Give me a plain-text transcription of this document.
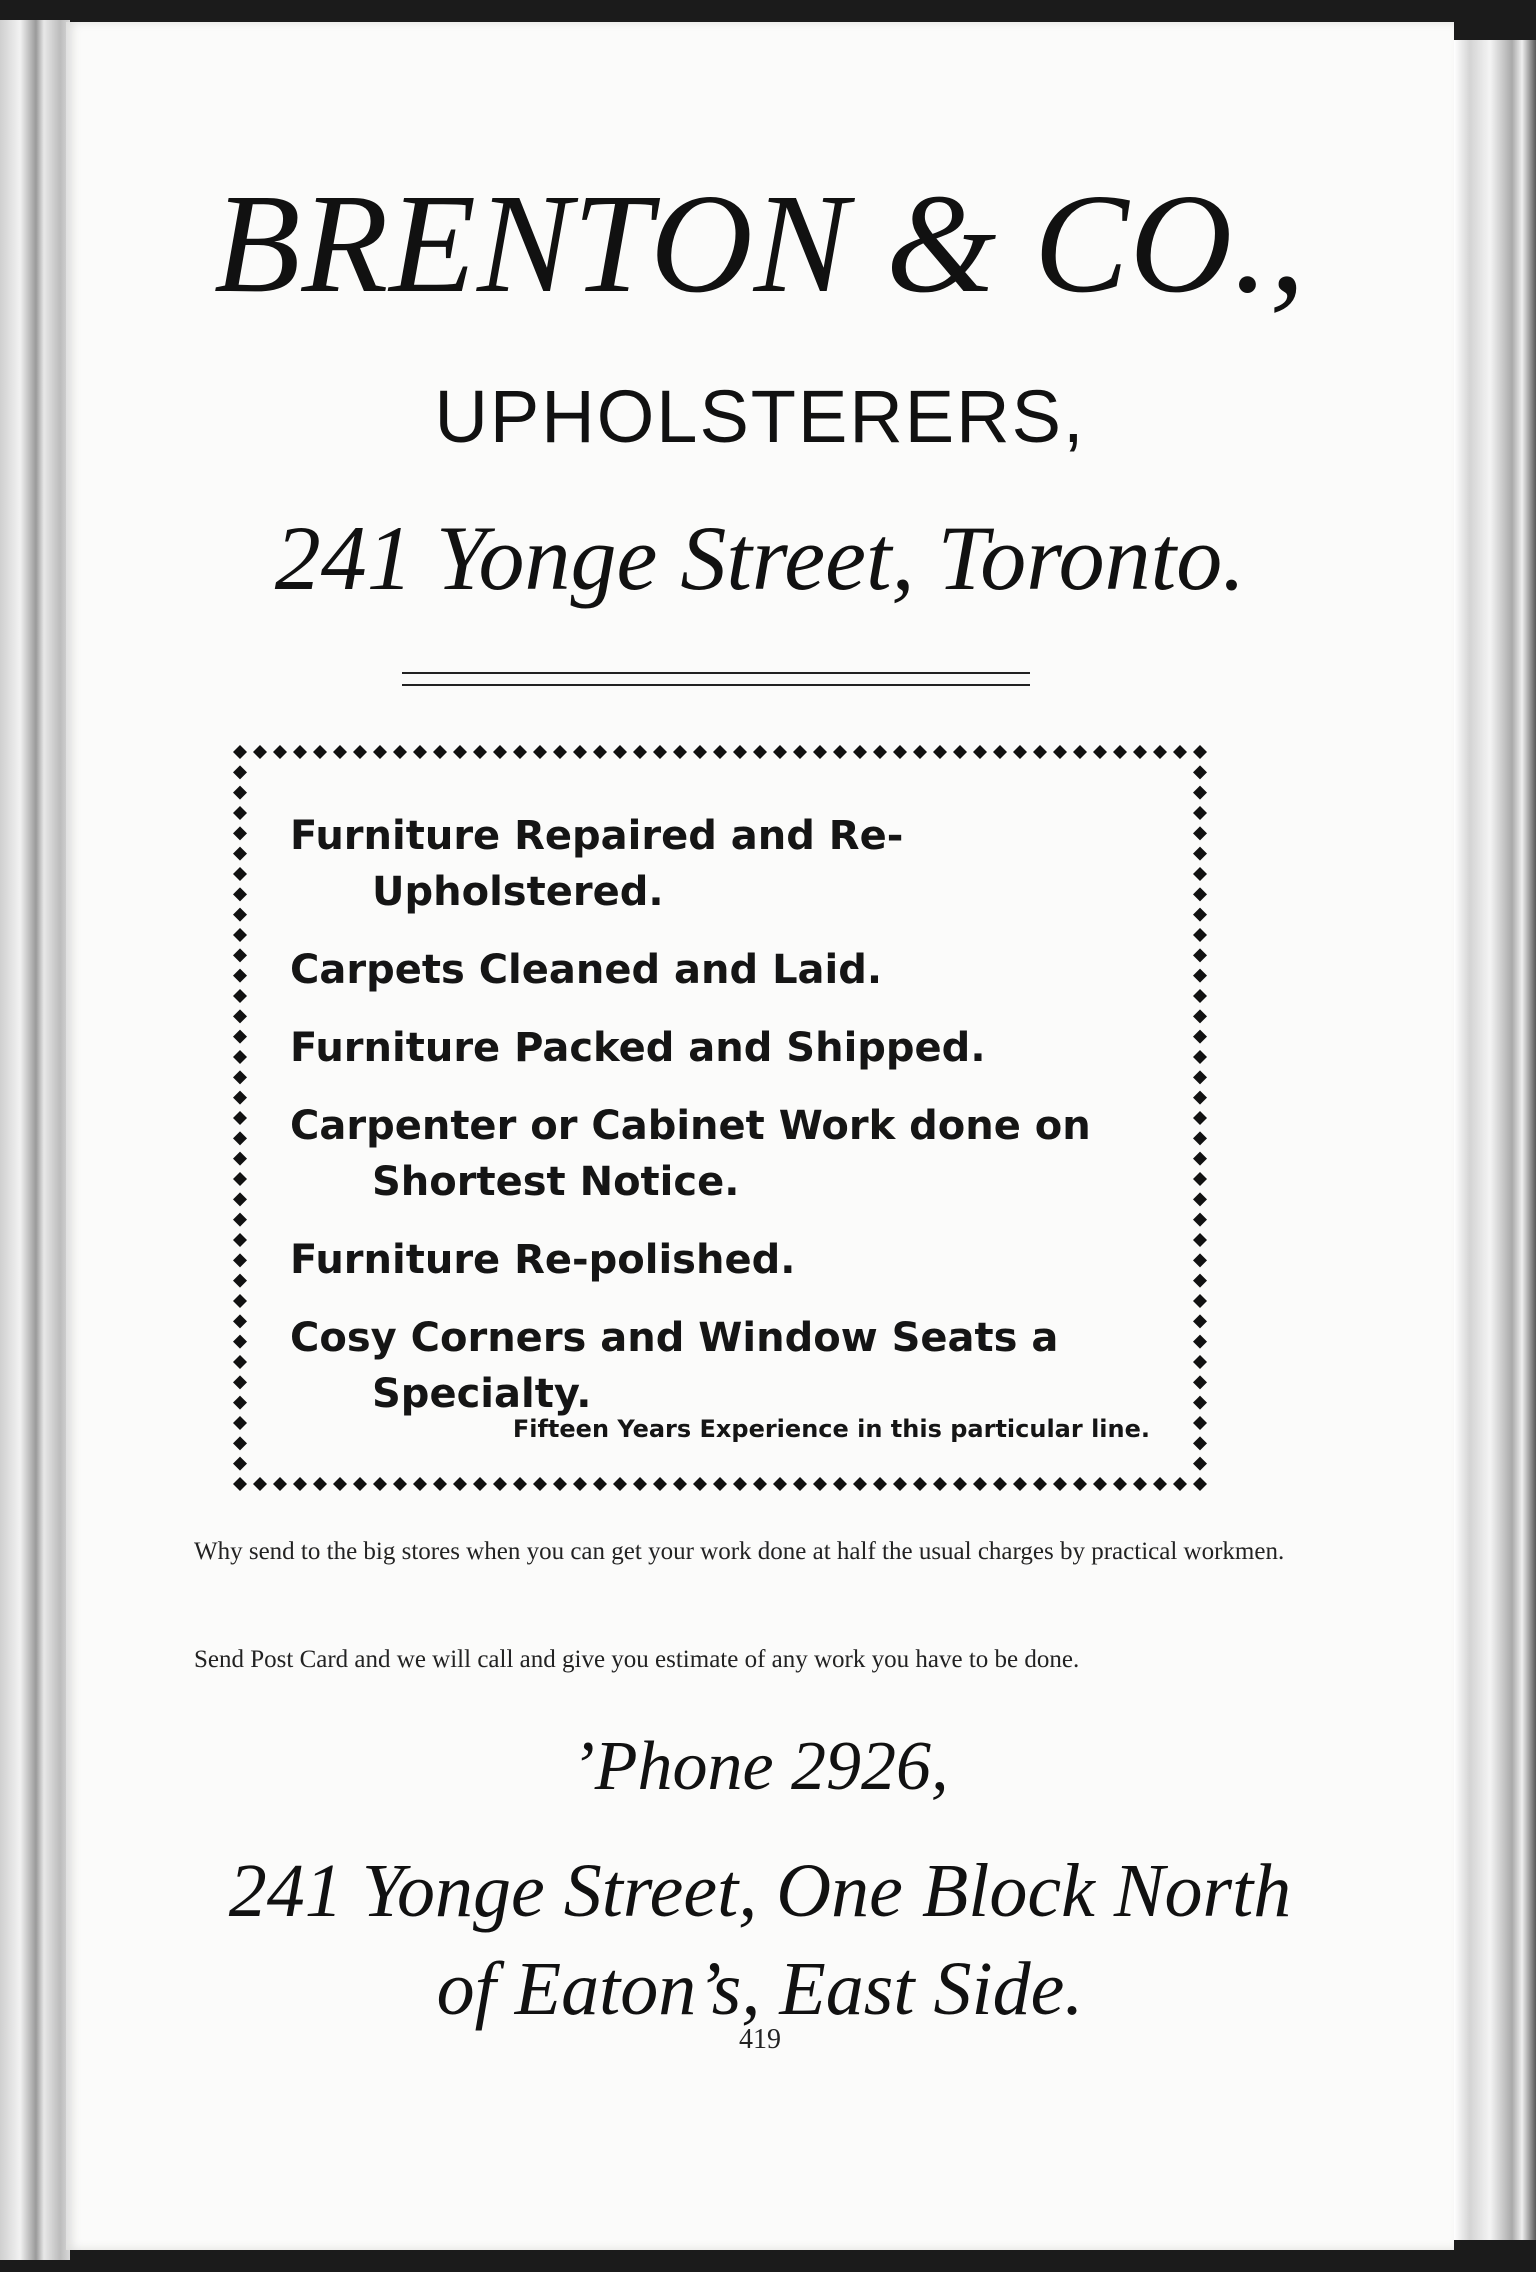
BRENTON & CO.,
UPHOLSTERERS,
241 Yonge Street, Toronto.
Furniture Repaired and Re-Upholstered.
Carpets Cleaned and Laid.
Furniture Packed and Shipped.
Carpenter or Cabinet Work done on Shortest Notice.
Furniture Re-polished.
Cosy Corners and Window Seats a Specialty.
Fifteen Years Experience in this particular line.
Why send to the big stores when you can get your work done at half the usual charges by practical workmen.
Send Post Card and we will call and give you estimate of any work you have to be done.
’Phone 2926,
241 Yonge Street, One Block North
of Eaton’s, East Side.
419
